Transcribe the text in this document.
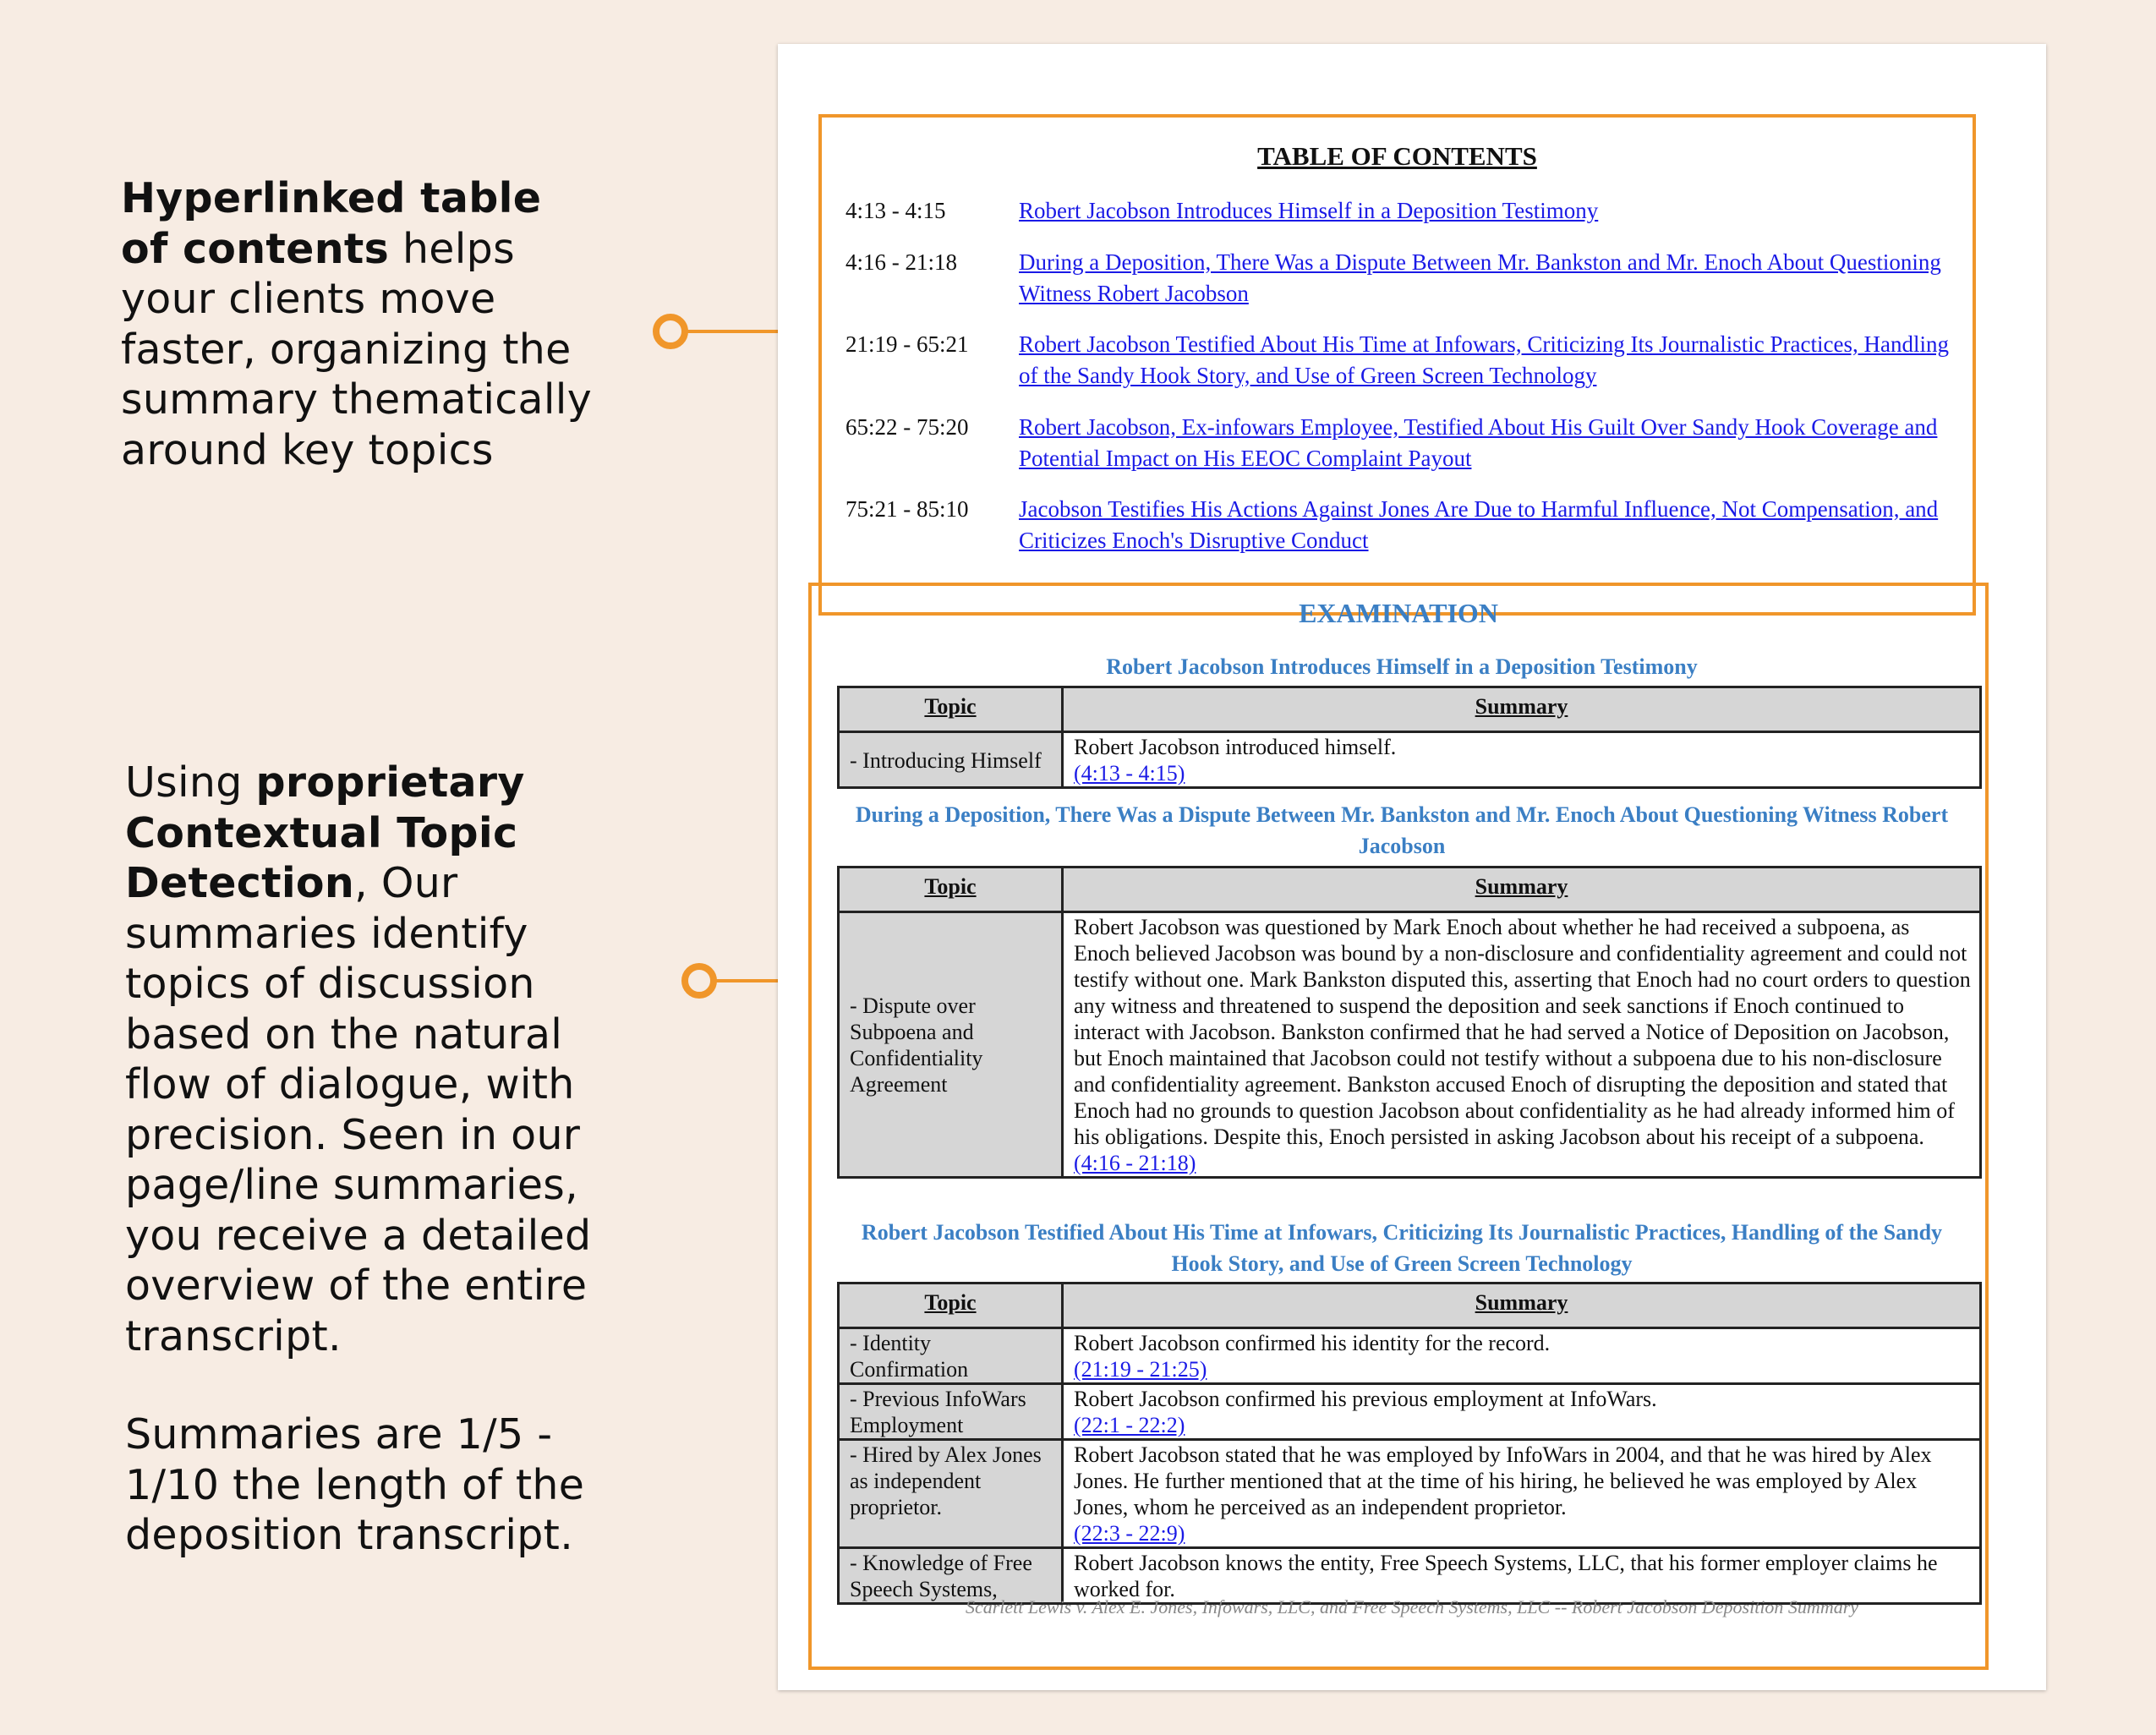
Hyperlinked table of contents helps your clients move faster, organizing the summary thematically around key topics
Using proprietary Contextual Topic Detection, Our summaries identify topics of discussion based on the natural flow of dialogue, with precision. Seen in our page/line summaries, you receive a detailed overview of the entire transcript.
Summaries are 1/5 - 1/10 the length of the deposition transcript.
TABLE OF CONTENTS
4:13 - 4:15	Robert Jacobson Introduces Himself in a Deposition Testimony
4:16 - 21:18	During a Deposition, There Was a Dispute Between Mr. Bankston and Mr. Enoch About Questioning Witness Robert Jacobson
21:19 - 65:21	Robert Jacobson Testified About His Time at Infowars, Criticizing Its Journalistic Practices, Handling of the Sandy Hook Story, and Use of Green Screen Technology
65:22 - 75:20	Robert Jacobson, Ex-infowars Employee, Testified About His Guilt Over Sandy Hook Coverage and Potential Impact on His EEOC Complaint Payout
75:21 - 85:10	Jacobson Testifies His Actions Against Jones Are Due to Harmful Influence, Not Compensation, and Criticizes Enoch's Disruptive Conduct
EXAMINATION
Robert Jacobson Introduces Himself in a Deposition Testimony
Topic	Summary
- Introducing Himself	Robert Jacobson introduced himself.
(4:13 - 4:15)
During a Deposition, There Was a Dispute Between Mr. Bankston and Mr. Enoch About Questioning Witness Robert Jacobson
Topic	Summary
- Dispute over Subpoena and Confidentiality Agreement	Robert Jacobson was questioned by Mark Enoch about whether he had received a subpoena, as Enoch believed Jacobson was bound by a non-disclosure and confidentiality agreement and could not testify without one. Mark Bankston disputed this, asserting that Enoch had no court orders to question any witness and threatened to suspend the deposition and seek sanctions if Enoch continued to interact with Jacobson. Bankston confirmed that he had served a Notice of Deposition on Jacobson, but Enoch maintained that Jacobson could not testify without a subpoena due to his non-disclosure and confidentiality agreement. Bankston accused Enoch of disrupting the deposition and stated that Enoch had no grounds to question Jacobson about confidentiality as he had already informed him of his obligations. Despite this, Enoch persisted in asking Jacobson about his receipt of a subpoena.
(4:16 - 21:18)
Robert Jacobson Testified About His Time at Infowars, Criticizing Its Journalistic Practices, Handling of the Sandy Hook Story, and Use of Green Screen Technology
Topic	Summary
- Identity Confirmation	Robert Jacobson confirmed his identity for the record.
(21:19 - 21:25)
- Previous InfoWars Employment	Robert Jacobson confirmed his previous employment at InfoWars.
(22:1 - 22:2)
- Hired by Alex Jones as independent proprietor.	Robert Jacobson stated that he was employed by InfoWars in 2004, and that he was hired by Alex Jones. He further mentioned that at the time of his hiring, he believed he was employed by Alex Jones, whom he perceived as an independent proprietor.
(22:3 - 22:9)
- Knowledge of Free Speech Systems,	Robert Jacobson knows the entity, Free Speech Systems, LLC, that his former employer claims he worked for.
Scarlett Lewis v. Alex E. Jones, Infowars, LLC, and Free Speech Systems, LLC -- Robert Jacobson Deposition Summary
